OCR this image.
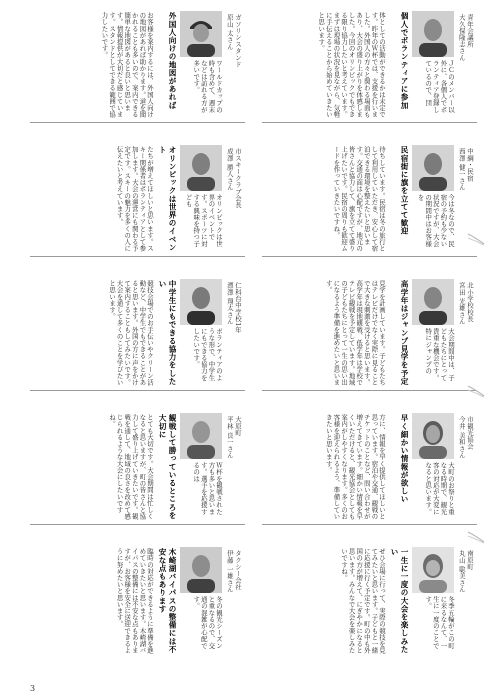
青年会議所
大久保隆志さん
個人でボランティアに参加	ＪＣのメンバー以外に、各個人でボランティア登録しているので、団
体としての活動ができるかは未定です。昨年のＷ杯では、支援を行いました。外国人の方々と関わる場面もあり、大会の盛り上がりを体感しました。今回のオリンピックでもできる限り協力したいと考えています。まずは現場の状況を見ながら、気軽に手伝えることから始めていきたいと思います。
中綱・民宿
西澤 健一さん
民宿街に旗を立てて歓迎	今は冬なので、民宿の予約も少ない状況ですが、大会の期間中はお客様を
待ちしています。民宿は冬の旅行として利用していただき、安心して宿泊できる環境を整えたいと思います。交通の面は心配ですが、地元の皆さんと協力して、旗を立てて盛り上げたいです。民宿の周りも歓迎ムードを作っていきたいですね。
北小学校校長
宮田 光雄さん
高学年はジャンプ見学を予定	大会期間中は、子どもたちにとって貴重な機会です。特にジャンプの
見学を計画しています。子どもたちはテレビだけでなく実際に見ることで大きな刺激を受けると思います。高学年は現地観戦、低学年は学校でテレビ観戦を予定しています。地域の子どもたちにとって一生の思い出になるよう準備を進めたいと思います。
市観光協会
今井 美和さん
早く細かい情報が欲しい	大町のお祭りと重なる時期で、観光客の対応が大変になると思います。
方に、情報を早く提供してほしいと思っています。宿泊や交通、観戦のチケットのことなど、問い合わせが増えてきています。細かい情報を早くいただけると、観光協会としても案内がしやすくなります。多くのお客様を迎えられるよう、準備していきたいと思います。
南原町
丸山 聡美さん
一生に一度の大会を楽しみたい
冬季五輪がこの町に来るなんて、一生に一度のことです。
ぜひ会場に行って、実際の競技を見てみたいと思います。子どもと一緒に応援に行く予定です。町の中も外国の方が増えて、にぎやかになると思います。みんなで大会を楽しみたいですね。
ガソリンスタンド
原山 太さん
外国人向けの地図があれば	ワールドカップの時も含めて、週末などは訪れる方が多いです。
お客様を案内するには、外国人向けの地図があれば助かります。道を聞かれることも多いので、案内できる簡単な地図があると良いと思います。情報提供が大切だと感じています。スタンドとしてできる範囲で協力したいです。
市スキークラブ会長
成澤 勝人さん
オリンピックは世界のイベント
オリンピックは世界のイベントです。スポーツに対する興味を持つ子ども
たちが増えてほしいと思います。スキー関係者はボランティアとして参加します。大会の運営にも関わる予定です。スキーの魅力を多くの人に伝えたいと考えています。
仁科台中学校1年
漂澤 翔太さん
中学生にもできる協力をしたい
ボランティアのような形で、中学生にもできる協力をしたいです。
競技会場でのお手伝いやクリーン活動など、中学生でもできることがあると思います。外国の方に声をかけて案内することもしてみたいです。大会を通して多くのことを学びたいと思います。
大原町
平林 良一さん
観戦して勝っているところを大切に
Ｗ杯を観戦された方も多いと思います。選手を応援するのは
とても大切です。大会期間は忙しくなると思いますが、町の皆さんと協力して盛り上げていきたいです。観戦を通して、地域の良さを改めて感じられるような大会にしたいですね。
タクシー会社
伊藤 一雄さん
木崎湖バイパスの整備には不安な点もあります
冬の観光シーズンと重なるので、交通の混雑が心配です。
臨時の対応ができるように準備を進めていきたいと思います。木崎湖バイパスの整備には不安な点もありますが、お客様を安全に送迎できるように努めたいと思います。
3
